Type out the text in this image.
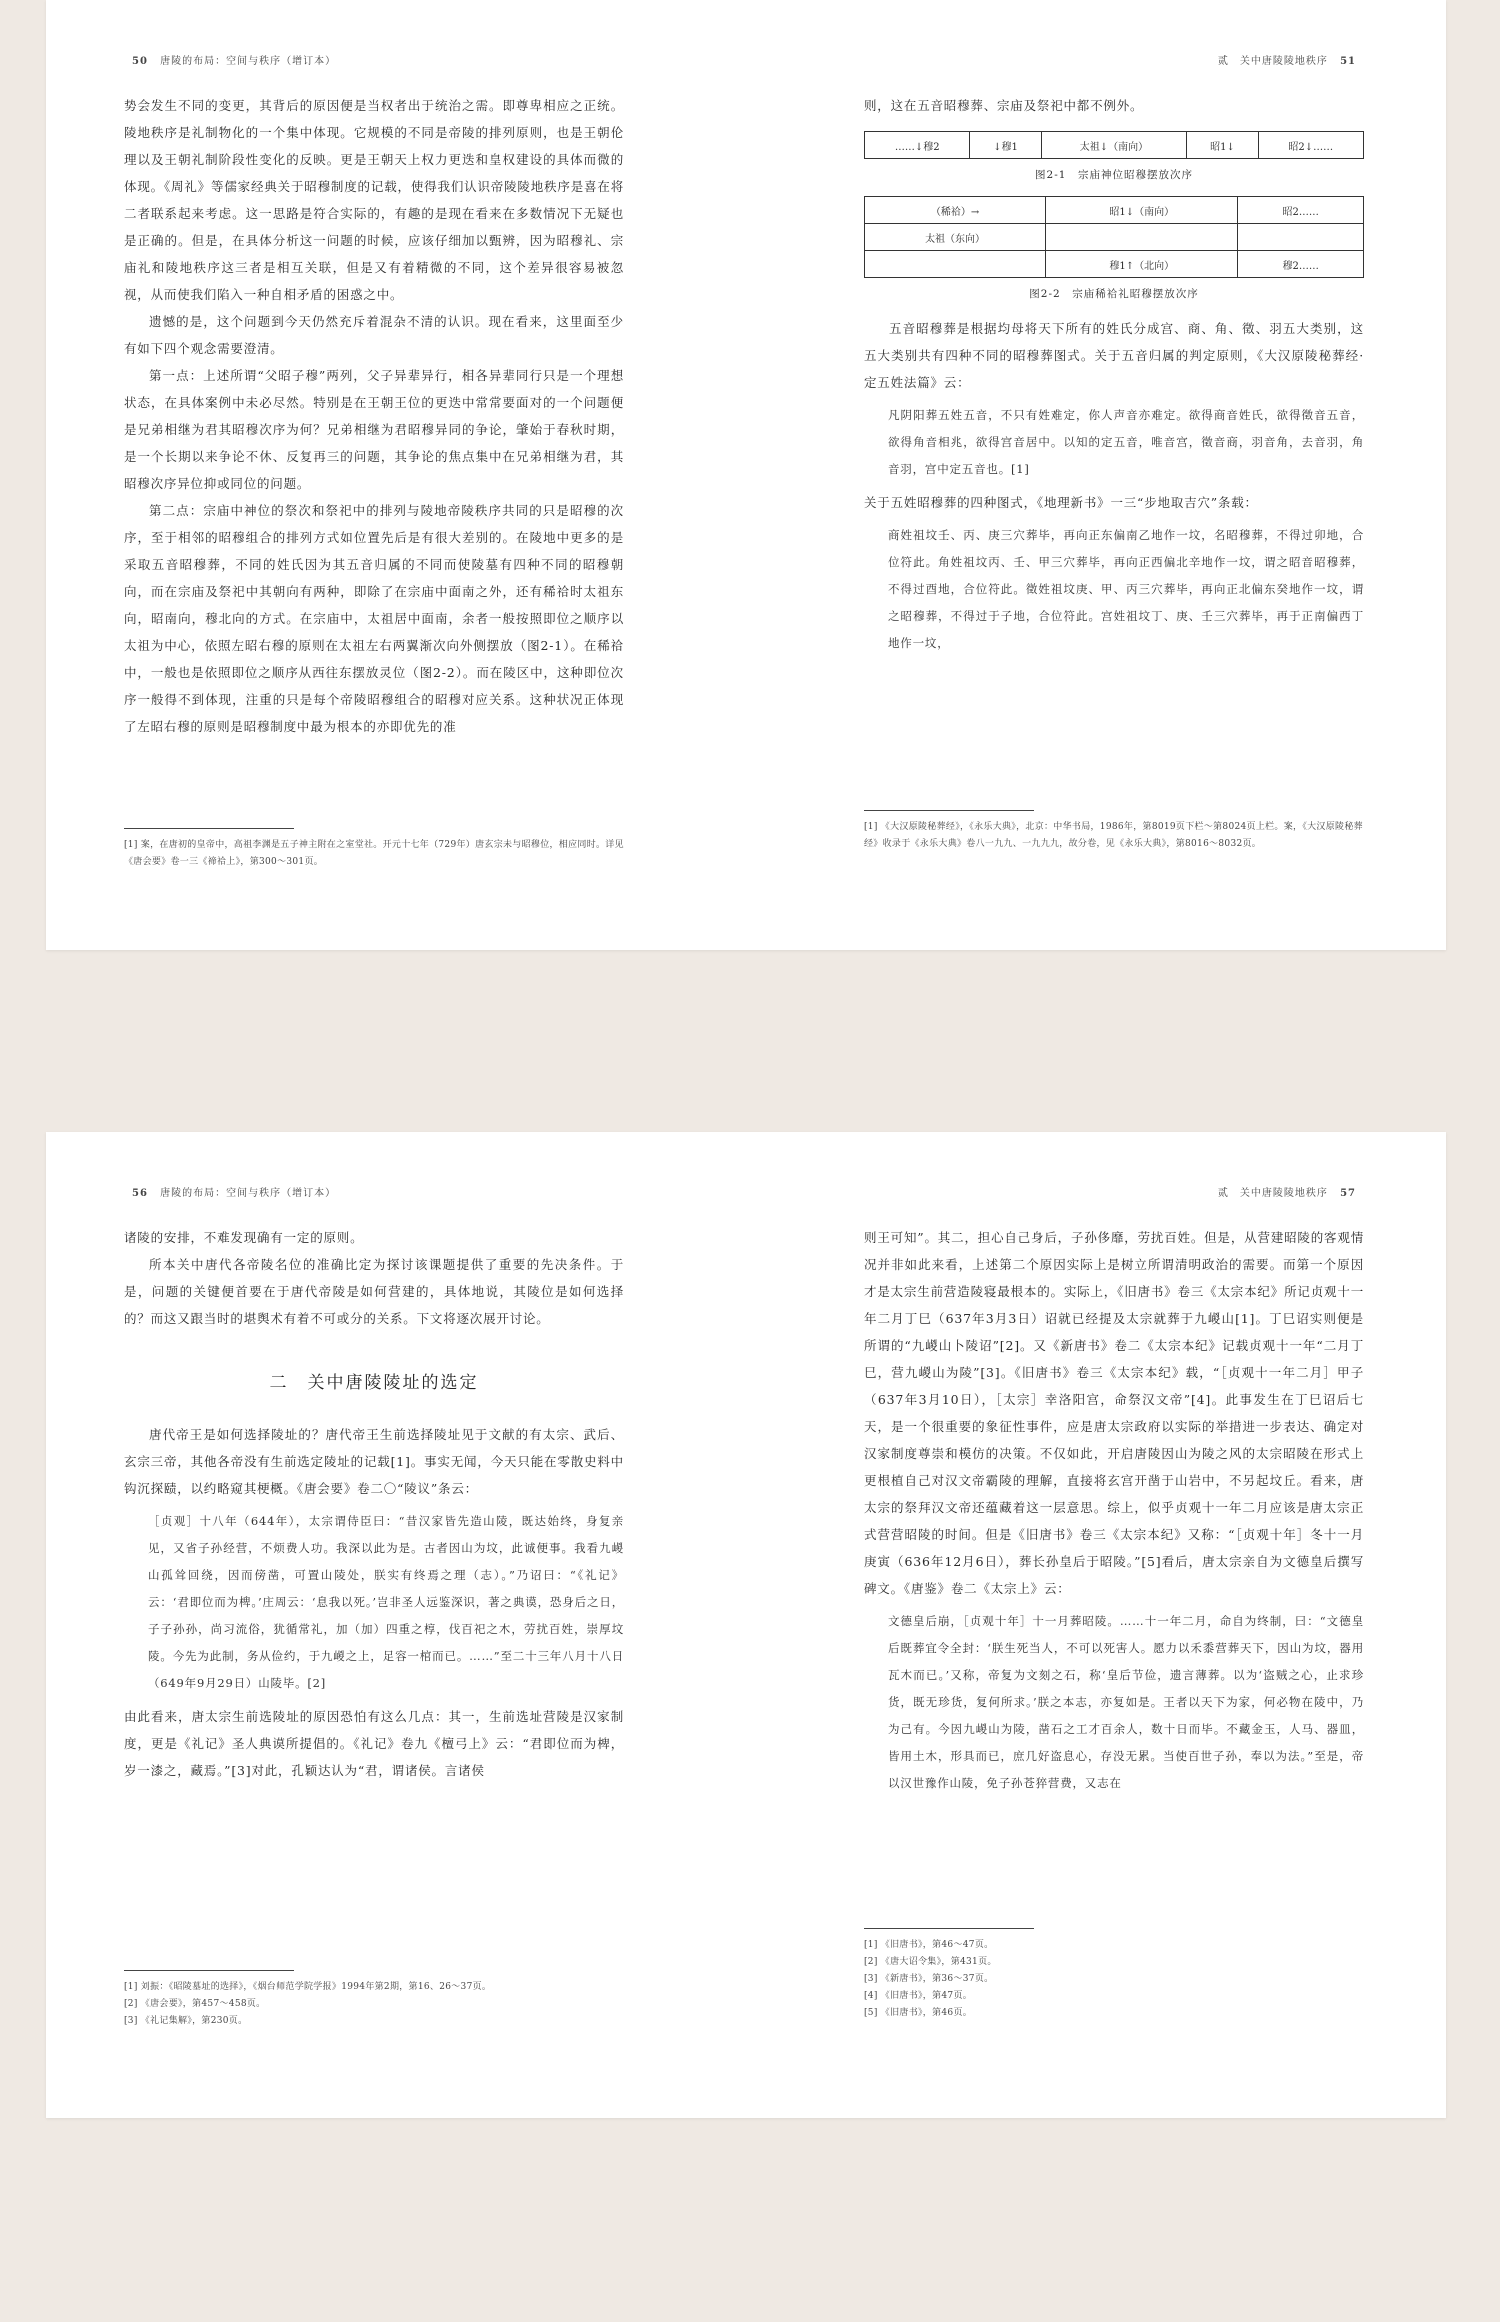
50 唐陵的布局：空间与秩序（增订本）

势会发生不同的变更，其背后的原因便是当权者出于统治之需。即尊卑相应之正统。陵地秩序是礼制物化的一个集中体现。它规模的不同是帝陵的排列原则，也是王朝伦理以及王朝礼制阶段性变化的反映。更是王朝天上权力更迭和皇权建设的具体而微的体现。《周礼》等儒家经典关于昭穆制度的记载，使得我们认识帝陵陵地秩序是喜在将二者联系起来考虑。这一思路是符合实际的，有趣的是现在看来在多数情况下无疑也是正确的。但是，在具体分析这一问题的时候，应该仔细加以甄辨，因为昭穆礼、宗庙礼和陵地秩序这三者是相互关联，但是又有着精微的不同，这个差异很容易被忽视，从而使我们陷入一种自相矛盾的困惑之中。

遗憾的是，这个问题到今天仍然充斥着混杂不清的认识。现在看来，这里面至少有如下四个观念需要澄清。

第一点：上述所谓“父昭子穆”两列，父子异辈异行，相各异辈同行只是一个理想状态，在具体案例中未必尽然。特别是在王朝王位的更迭中常常要面对的一个问题便是兄弟相继为君其昭穆次序为何？兄弟相继为君昭穆异同的争论，肇始于春秋时期，是一个长期以来争论不休、反复再三的问题，其争论的焦点集中在兄弟相继为君，其昭穆次序异位抑或同位的问题。

第二点：宗庙中神位的祭次和祭祀中的排列与陵地帝陵秩序共同的只是昭穆的次序，至于相邻的昭穆组合的排列方式如位置先后是有很大差别的。在陵地中更多的是采取五音昭穆葬，不同的姓氏因为其五音归属的不同而使陵墓有四种不同的昭穆朝向，而在宗庙及祭祀中其朝向有两种，即除了在宗庙中面南之外，还有稀祫时太祖东向，昭南向，穆北向的方式。在宗庙中，太祖居中面南，余者一般按照即位之顺序以太祖为中心，依照左昭右穆的原则在太祖左右两翼渐次向外侧摆放（图2-1）。在稀祫中，一般也是依照即位之顺序从西往东摆放灵位（图2-2）。而在陵区中，这种即位次序一般得不到体现，注重的只是每个帝陵昭穆组合的昭穆对应关系。这种状况正体现了左昭右穆的原则是昭穆制度中最为根本的亦即优先的准

[1] 案，在唐初的皇帝中，高祖李渊是五子神主附在之室堂社。开元十七年（729年）唐玄宗未与昭穆位，相应同时。详见《唐会要》卷一三《禘祫上》，第300～301页。
贰　关中唐陵陵地秩序 51

则，这在五音昭穆葬、宗庙及祭祀中都不例外。

……↓穆2	↓穆1	太祖↓（南向）	昭1↓	昭2↓……
图2-1　宗庙神位昭穆摆放次序
（稀祫）→	昭1↓（南向）	昭2……
太祖（东向）		
	穆1↑（北向）	穆2……
图2-2　宗庙稀祫礼昭穆摆放次序

五音昭穆葬是根据均母将天下所有的姓氏分成宫、商、角、徵、羽五大类别，这五大类别共有四种不同的昭穆葬图式。关于五音归属的判定原则，《大汉原陵秘葬经·定五姓法篇》云：

凡阴阳葬五姓五音，不只有姓难定，你人声音亦难定。欲得商音姓氏，欲得徵音五音，欲得角音相兆，欲得宫音居中。以知的定五音，唯音宫，徵音商，羽音角，去音羽，角音羽，宫中定五音也。[1]

关于五姓昭穆葬的四种图式，《地理新书》一三“步地取吉穴”条载：

商姓祖坟壬、丙、庚三穴葬毕，再向正东偏南乙地作一坟，名昭穆葬，不得过卯地，合位符此。角姓祖坟丙、壬、甲三穴葬毕，再向正西偏北辛地作一坟，谓之昭音昭穆葬，不得过酉地，合位符此。徵姓祖坟庚、甲、丙三穴葬毕，再向正北偏东癸地作一坟，谓之昭穆葬，不得过于子地，合位符此。宫姓祖坟丁、庚、壬三穴葬毕，再于正南偏西丁地作一坟，

[1] 《大汉原陵秘葬经》，《永乐大典》，北京：中华书局，1986年，第8019页下栏～第8024页上栏。案，《大汉原陵秘葬经》收录于《永乐大典》卷八一九九、一九九九，故分卷，见《永乐大典》，第8016～8032页。
56 唐陵的布局：空间与秩序（增订本）

诸陵的安排，不难发现确有一定的原则。

所本关中唐代各帝陵名位的准确比定为探讨该课题提供了重要的先决条件。于是，问题的关键便首要在于唐代帝陵是如何营建的，具体地说，其陵位是如何选择的？而这又跟当时的堪舆术有着不可或分的关系。下文将逐次展开讨论。

二　关中唐陵陵址的选定

唐代帝王是如何选择陵址的？唐代帝王生前选择陵址见于文献的有太宗、武后、玄宗三帝，其他各帝没有生前选定陵址的记载[1]。事实无闻，今天只能在零散史料中钩沉探赜，以约略窥其梗概。《唐会要》卷二〇“陵议”条云：

［贞观］十八年（644年），太宗谓侍臣曰：“昔汉家皆先造山陵，既达始终，身复亲见，又省子孙经营，不烦费人功。我深以此为是。古者因山为坟，此诚便事。我看九嵕山孤耸回绕，因而傍凿，可置山陵处，朕实有终焉之理（志）。”乃诏曰：“《礼记》云：‘君即位而为椑。’庄周云：‘息我以死。’岂非圣人远鉴深识，著之典谟，恐身后之日，子子孙孙，尚习流俗，犹循常礼，加（加）四重之椁，伐百祀之木，劳扰百姓，崇厚坟陵。今先为此制，务从俭约，于九嵕之上，足容一棺而已。……”至二十三年八月十八日（649年9月29日）山陵毕。[2]

由此看来，唐太宗生前选陵址的原因恐怕有这么几点：其一，生前选址营陵是汉家制度，更是《礼记》圣人典谟所提倡的。《礼记》卷九《檀弓上》云：“君即位而为椑，岁一漆之，藏焉。”[3]对此，孔颖达认为“君，谓诸侯。言诸侯

[1] 刘振：《昭陵墓址的选择》，《烟台师范学院学报》1994年第2期，第16、26～37页。
[2] 《唐会要》，第457～458页。
[3] 《礼记集解》，第230页。
贰　关中唐陵陵地秩序 57

则王可知”。其二，担心自己身后，子孙侈靡，劳扰百姓。但是，从营建昭陵的客观情况并非如此来看，上述第二个原因实际上是树立所谓清明政治的需要。而第一个原因才是太宗生前营造陵寝最根本的。实际上，《旧唐书》卷三《太宗本纪》所记贞观十一年二月丁巳（637年3月3日）诏就已经提及太宗就葬于九嵕山[1]。丁巳诏实则便是所谓的“九嵕山卜陵诏”[2]。又《新唐书》卷二《太宗本纪》记载贞观十一年“二月丁巳，营九嵕山为陵”[3]。《旧唐书》卷三《太宗本纪》载，“［贞观十一年二月］甲子（637年3月10日），［太宗］幸洛阳宫，命祭汉文帝”[4]。此事发生在丁巳诏后七天，是一个很重要的象征性事件，应是唐太宗政府以实际的举措进一步表达、确定对汉家制度尊崇和模仿的决策。不仅如此，开启唐陵因山为陵之风的太宗昭陵在形式上更根植自己对汉文帝霸陵的理解，直接将玄宫开凿于山岩中，不另起坟丘。看来，唐太宗的祭拜汉文帝还蕴藏着这一层意思。综上，似乎贞观十一年二月应该是唐太宗正式营营昭陵的时间。但是《旧唐书》卷三《太宗本纪》又称：“［贞观十年］冬十一月庚寅（636年12月6日），葬长孙皇后于昭陵。”[5]看后，唐太宗亲自为文德皇后撰写碑文。《唐鉴》卷二《太宗上》云：

文德皇后崩，［贞观十年］十一月葬昭陵。……十一年二月，命自为终制，曰：“文德皇后既葬宜令全封：‘朕生死当人，不可以死害人。愿力以禾黍营葬天下，因山为坟，器用瓦木而已。’又称，帝复为文刻之石，称‘皇后节俭，遗言薄葬。以为‘盗贼之心，止求珍货，既无珍货，复何所求。’朕之本志，亦复如是。王者以天下为家，何必物在陵中，乃为己有。今因九嵕山为陵，凿石之工才百余人，数十日而毕。不藏金玉，人马、器皿，皆用土木，形具而已，庶几好盗息心，存没无累。当使百世子孙，奉以为法。”至是，帝以汉世豫作山陵，免子孙苍猝营费，又志在

[1] 《旧唐书》，第46～47页。
[2] 《唐大诏令集》，第431页。
[3] 《新唐书》，第36～37页。
[4] 《旧唐书》，第47页。
[5] 《旧唐书》，第46页。
